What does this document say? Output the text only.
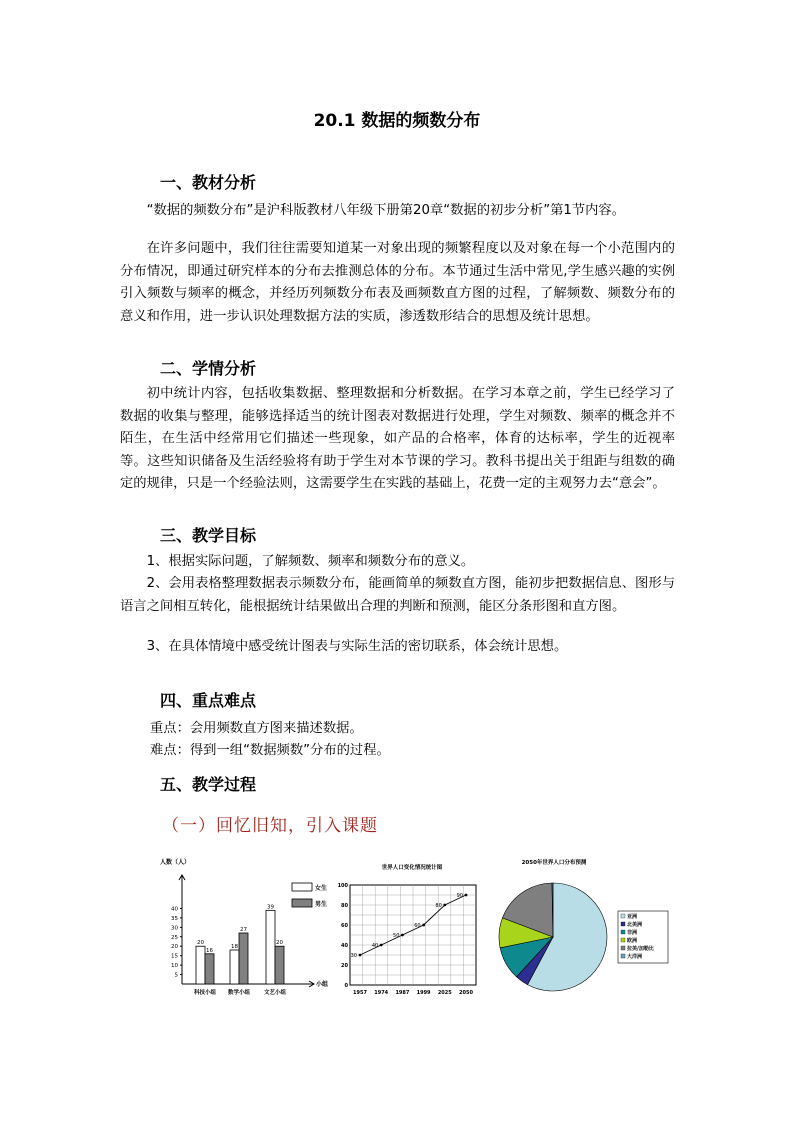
20.1 数据的频数分布
一、教材分析
“数据的频数分布”是沪科版教材八年级下册第20章“数据的初步分析”第1节内容。
在许多问题中，我们往往需要知道某一对象出现的频繁程度以及对象在每一个小范围内的分布情况，即通过研究样本的分布去推测总体的分布。本节通过生活中常见,学生感兴趣的实例引入频数与频率的概念，并经历列频数分布表及画频数直方图的过程，了解频数、频数分布的意义和作用，进一步认识处理数据方法的实质，渗透数形结合的思想及统计思想。
二、学情分析
初中统计内容，包括收集数据、整理数据和分析数据。在学习本章之前，学生已经学习了数据的收集与整理，能够选择适当的统计图表对数据进行处理，学生对频数、频率的概念并不陌生，在生活中经常用它们描述一些现象，如产品的合格率，体育的达标率，学生的近视率等。这些知识储备及生活经验将有助于学生对本节课的学习。教科书提出关于组距与组数的确定的规律，只是一个经验法则，这需要学生在实践的基础上，花费一定的主观努力去“意会”。
三、教学目标
1、根据实际问题，了解频数、频率和频数分布的意义。
2、会用表格整理数据表示频数分布，能画简单的频数直方图，能初步把数据信息、图形与语言之间相互转化，能根据统计结果做出合理的判断和预测，能区分条形图和直方图。
3、在具体情境中感受统计图表与实际生活的密切联系，体会统计思想。
四、重点难点
重点：会用频数直方图来描述数据。
难点：得到一组“数据频数”分布的过程。
五、教学过程
（一）回忆旧知，引入课题
人数（人）
小组
5
10
15
20
25
30
35
40
20
16
科技小组
18
27
数学小组
39
20
文艺小组
女生
男生
世界人口变化情况统计图
0
20
40
60
80
100
30
1957
40
1974
50
1987
60
1999
80
2025
90
2050
2050年世界人口分布预测
亚洲
北美洲
非洲
欧洲
拉美/加勒比
大洋洲
